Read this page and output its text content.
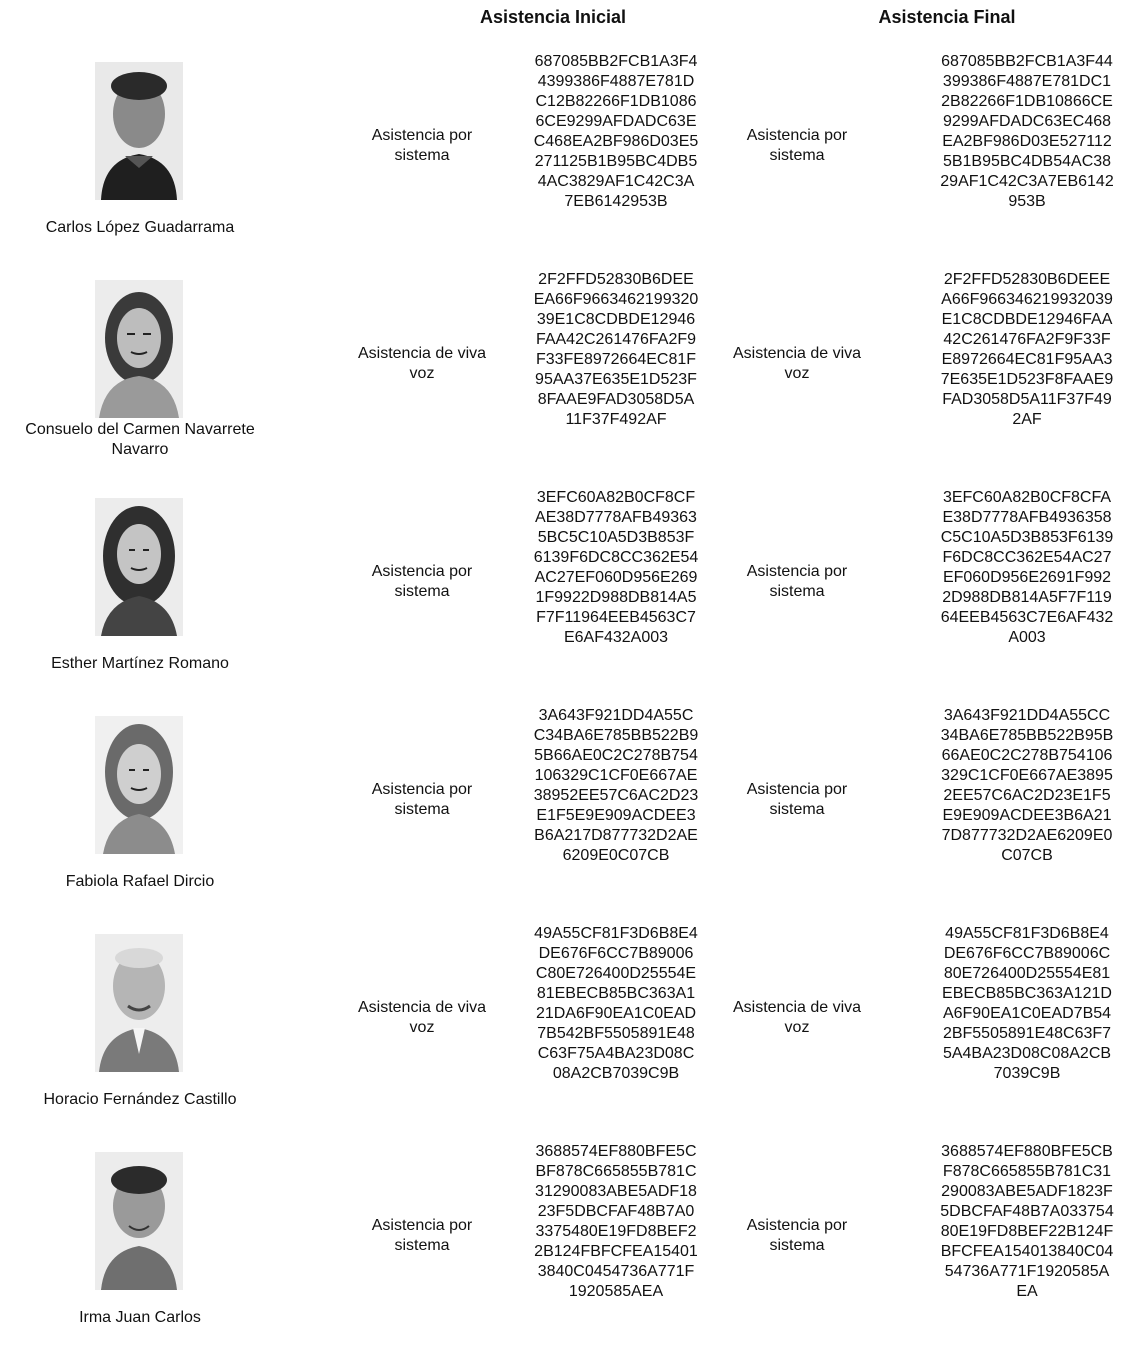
Asistencia Inicial	Asistencia Final
Carlos López Guadarrama
Asistencia por sistema
687085BB2FCB1A3F4
4399386F4887E781D
C12B82266F1DB1086
6CE9299AFDADC63E
C468EA2BF986D03E5
271125B1B95BC4DB5
4AC3829AF1C42C3A
7EB6142953B
Asistencia por sistema
687085BB2FCB1A3F44
399386F4887E781DC1
2B82266F1DB10866CE
9299AFDADC63EC468
EA2BF986D03E527112
5B1B95BC4DB54AC38
29AF1C42C3A7EB6142
953B
Consuelo del Carmen Navarrete Navarro
Asistencia de viva voz
2F2FFD52830B6DEE
EA66F9663462199320
39E1C8CDBDE12946
FAA42C261476FA2F9
F33FE8972664EC81F
95AA37E635E1D523F
8FAAE9FAD3058D5A
11F37F492AF
Asistencia de viva voz
2F2FFD52830B6DEEE
A66F966346219932039
E1C8CDBDE12946FAA
42C261476FA2F9F33F
E8972664EC81F95AA3
7E635E1D523F8FAAE9
FAD3058D5A11F37F49
2AF
Esther Martínez Romano
Asistencia por sistema
3EFC60A82B0CF8CF
AE38D7778AFB49363
5BC5C10A5D3B853F
6139F6DC8CC362E54
AC27EF060D956E269
1F9922D988DB814A5
F7F11964EEB4563C7
E6AF432A003
Asistencia por sistema
3EFC60A82B0CF8CFA
E38D7778AFB4936358
C5C10A5D3B853F6139
F6DC8CC362E54AC27
EF060D956E2691F992
2D988DB814A5F7F119
64EEB4563C7E6AF432
A003
Fabiola Rafael Dircio
Asistencia por sistema
3A643F921DD4A55C
C34BA6E785BB522B9
5B66AE0C2C278B754
106329C1CF0E667AE
38952EE57C6AC2D23
E1F5E9E909ACDEE3
B6A217D877732D2AE
6209E0C07CB
Asistencia por sistema
3A643F921DD4A55CC
34BA6E785BB522B95B
66AE0C2C278B754106
329C1CF0E667AE3895
2EE57C6AC2D23E1F5
E9E909ACDEE3B6A21
7D877732D2AE6209E0
C07CB
Horacio Fernández Castillo
Asistencia de viva voz
49A55CF81F3D6B8E4
DE676F6CC7B89006
C80E726400D25554E
81EBECB85BC363A1
21DA6F90EA1C0EAD
7B542BF5505891E48
C63F75A4BA23D08C
08A2CB7039C9B
Asistencia de viva voz
49A55CF81F3D6B8E4
DE676F6CC7B89006C
80E726400D25554E81
EBECB85BC363A121D
A6F90EA1C0EAD7B54
2BF5505891E48C63F7
5A4BA23D08C08A2CB
7039C9B
Irma Juan Carlos
Asistencia por sistema
3688574EF880BFE5C
BF878C665855B781C
31290083ABE5ADF18
23F5DBCFAF48B7A0
3375480E19FD8BEF2
2B124FBFCFEA15401
3840C0454736A771F
1920585AEA
Asistencia por sistema
3688574EF880BFE5CB
F878C665855B781C31
290083ABE5ADF1823F
5DBCFAF48B7A033754
80E19FD8BEF22B124F
BFCFEA154013840C04
54736A771F1920585A
EA
